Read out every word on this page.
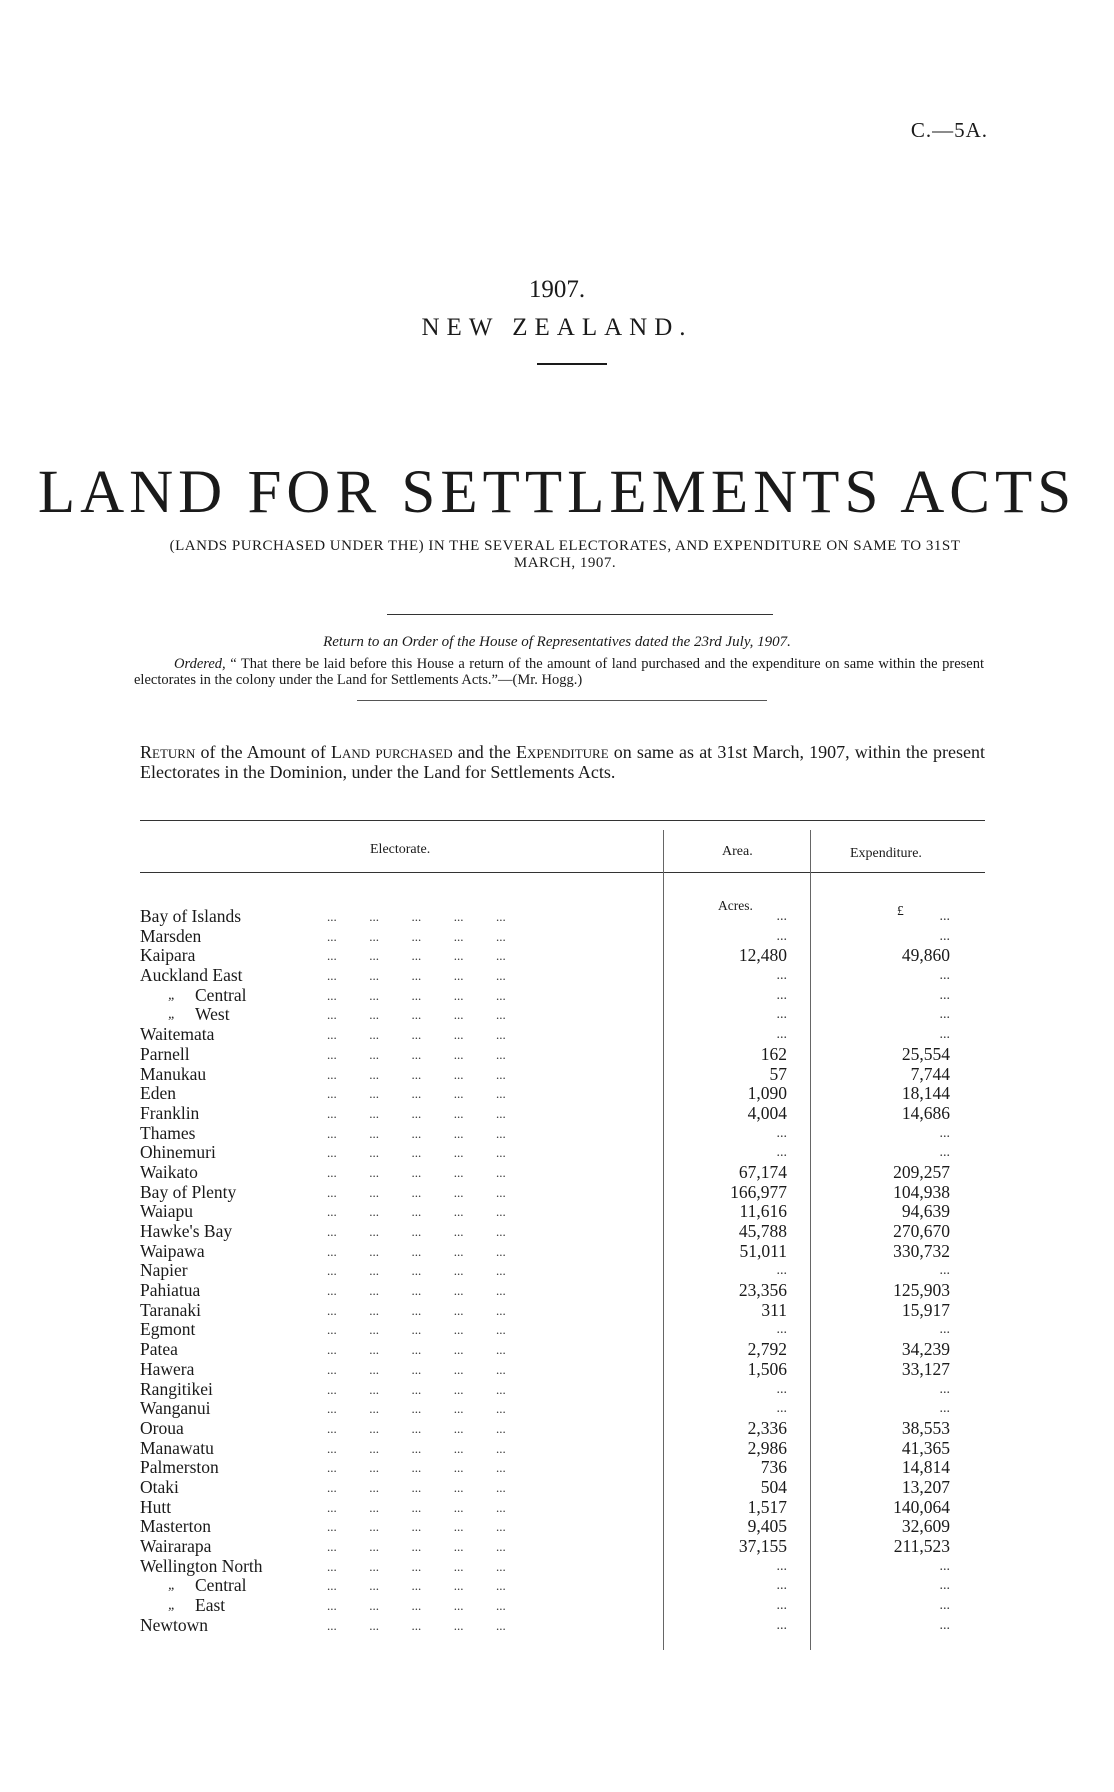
C.—5A.
1907.
NEW ZEALAND.
LAND FOR SETTLEMENTS ACTS
(LANDS PURCHASED UNDER THE) IN THE SEVERAL ELECTORATES, AND EXPENDITURE ON SAME TO 31ST MARCH, 1907.
Return to an Order of the House of Representatives dated the 23rd July, 1907.
Ordered, “ That there be laid before this House a return of the amount of land purchased and the expenditure on same within the present electorates in the colony under the Land for Settlements Acts.”—(Mr. Hogg.)
Return of the Amount of Land purchased and the Expenditure on same as at 31st March, 1907, within the present Electorates in the Dominion, under the Land for Settlements Acts.
Electorate.	Area.	Expenditure.
Acres.	£
Bay of Islands	...          ...          ...          ...          ...	...	...
Marsden	...          ...          ...          ...          ...	...	...
Kaipara	...          ...          ...          ...          ...	12,480	49,860
Auckland East	...          ...          ...          ...          ...	...	...
„ Central	...          ...          ...          ...          ...	...	...
„ West	...          ...          ...          ...          ...	...	...
Waitemata	...          ...          ...          ...          ...	...	...
Parnell	...          ...          ...          ...          ...	162	25,554
Manukau	...          ...          ...          ...          ...	57	7,744
Eden	...          ...          ...          ...          ...	1,090	18,144
Franklin	...          ...          ...          ...          ...	4,004	14,686
Thames	...          ...          ...          ...          ...	...	...
Ohinemuri	...          ...          ...          ...          ...	...	...
Waikato	...          ...          ...          ...          ...	67,174	209,257
Bay of Plenty	...          ...          ...          ...          ...	166,977	104,938
Waiapu	...          ...          ...          ...          ...	11,616	94,639
Hawke's Bay	...          ...          ...          ...          ...	45,788	270,670
Waipawa	...          ...          ...          ...          ...	51,011	330,732
Napier	...          ...          ...          ...          ...	...	...
Pahiatua	...          ...          ...          ...          ...	23,356	125,903
Taranaki	...          ...          ...          ...          ...	311	15,917
Egmont	...          ...          ...          ...          ...	...	...
Patea	...          ...          ...          ...          ...	2,792	34,239
Hawera	...          ...          ...          ...          ...	1,506	33,127
Rangitikei	...          ...          ...          ...          ...	...	...
Wanganui	...          ...          ...          ...          ...	...	...
Oroua	...          ...          ...          ...          ...	2,336	38,553
Manawatu	...          ...          ...          ...          ...	2,986	41,365
Palmerston	...          ...          ...          ...          ...	736	14,814
Otaki	...          ...          ...          ...          ...	504	13,207
Hutt	...          ...          ...          ...          ...	1,517	140,064
Masterton	...          ...          ...          ...          ...	9,405	32,609
Wairarapa	...          ...          ...          ...          ...	37,155	211,523
Wellington North	...          ...          ...          ...          ...	...	...
„ Central	...          ...          ...          ...          ...	...	...
„ East	...          ...          ...          ...          ...	...	...
Newtown	...          ...          ...          ...          ...	...	...
